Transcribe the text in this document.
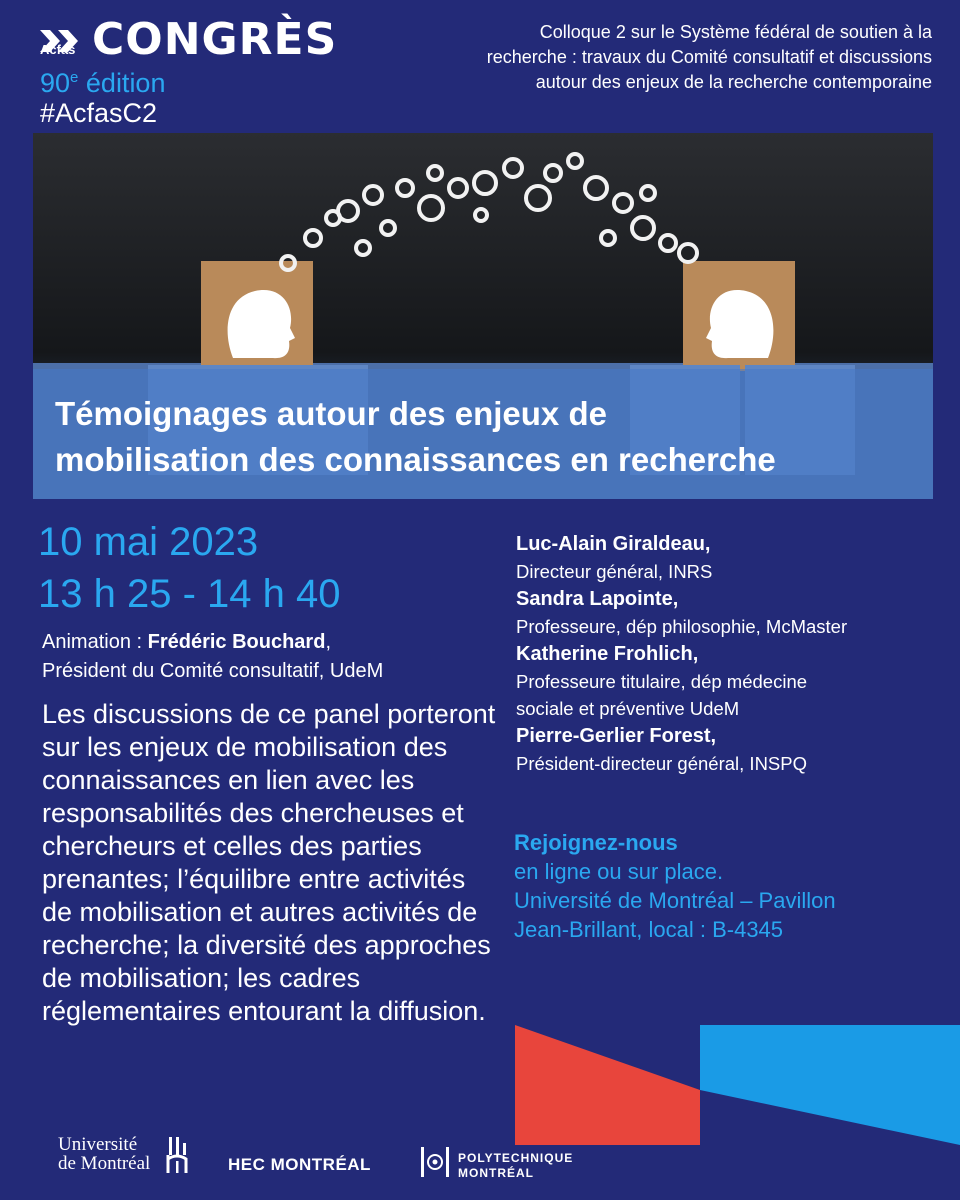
Acfas CONGRÈS
90e édition
#AcfasC2
Colloque 2 sur le Système fédéral de soutien à la
recherche : travaux du Comité consultatif et discussions
autour des enjeux de la recherche contemporaine
Témoignages autour des enjeux de
mobilisation des connaissances en recherche
10 mai 2023
13 h 25 - 14 h 40
Animation : Frédéric Bouchard,
Président du Comité consultatif, UdeM
Les discussions de ce panel porteront sur les enjeux de mobilisation des connaissances en lien avec les responsabilités des chercheuses et chercheurs et celles des parties prenantes; l’équilibre entre activités de mobilisation et autres activités de recherche; la diversité des approches de mobilisation; les cadres réglementaires entourant la diffusion.
Luc-Alain Giraldeau,
Directeur général, INRS
Sandra Lapointe,
Professeure, dép philosophie, McMaster
Katherine Frohlich,
Professeure titulaire, dép médecine
sociale et préventive UdeM
Pierre-Gerlier Forest,
Président-directeur général, INSPQ
Rejoignez-nous
en ligne ou sur place.
Université de Montréal – Pavillon
Jean-Brillant, local : B-4345
Université
de Montréal	HEC MONTRÉAL	POLYTECHNIQUE
MONTRÉAL
